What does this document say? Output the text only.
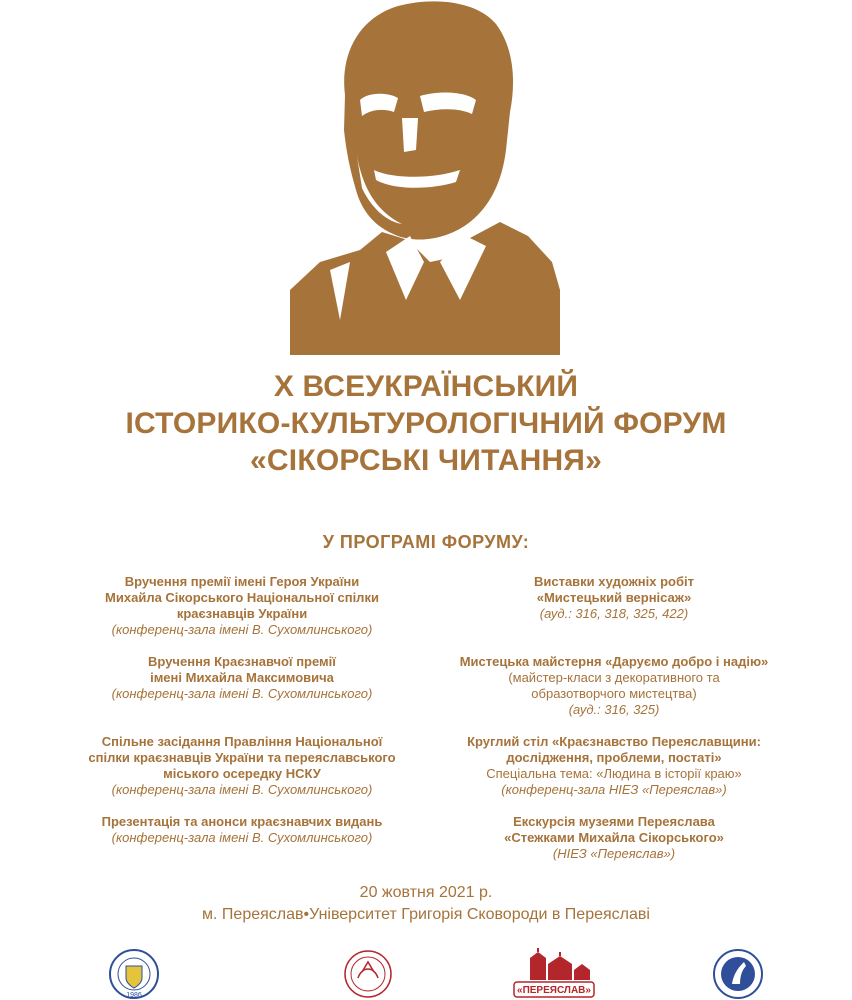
X ВСЕУКРАЇНСЬКИЙ
ІСТОРИКО-КУЛЬТУРОЛОГІЧНИЙ ФОРУМ
«СІКОРСЬКІ ЧИТАННЯ»
У ПРОГРАМІ ФОРУМУ:
Вручення премії імені Героя України
Михайла Сікорського Національної спілки
краєзнавців України
(конференц-зала імені В. Сухомлинського)
Вручення Краєзнавчої премії
імені Михайла Максимовича
(конференц-зала імені В. Сухомлинського)
Спільне засідання Правління Національної
спілки краєзнавців України та переяславського
міського осередку НСКУ
(конференц-зала імені В. Сухомлинського)
Презентація та анонси краєзнавчих видань
(конференц-зала імені В. Сухомлинського)
Виставки художніх робіт
«Мистецький вернісаж»
(ауд.: 316, 318, 325, 422)
Мистецька майстерня «Даруємо добро і надію»
(майстер-класи з декоративного та
образотворчого мистецтва)
(ауд.: 316, 325)
Круглий стіл «Краєзнавство Переяславщини:
дослідження, проблеми, постаті»
Спеціальна тема: «Людина в історії краю»
(конференц-зала НІЕЗ «Переяслав»)
Екскурсія музеями Переяслава
«Стежками Михайла Сікорського»
(НІЕЗ «Переяслав»)
20 жовтня 2021 р.
м. Переяслав•Університет Григорія Сковороди в Переяславі
1986	«ПЕРЕЯСЛАВ»
